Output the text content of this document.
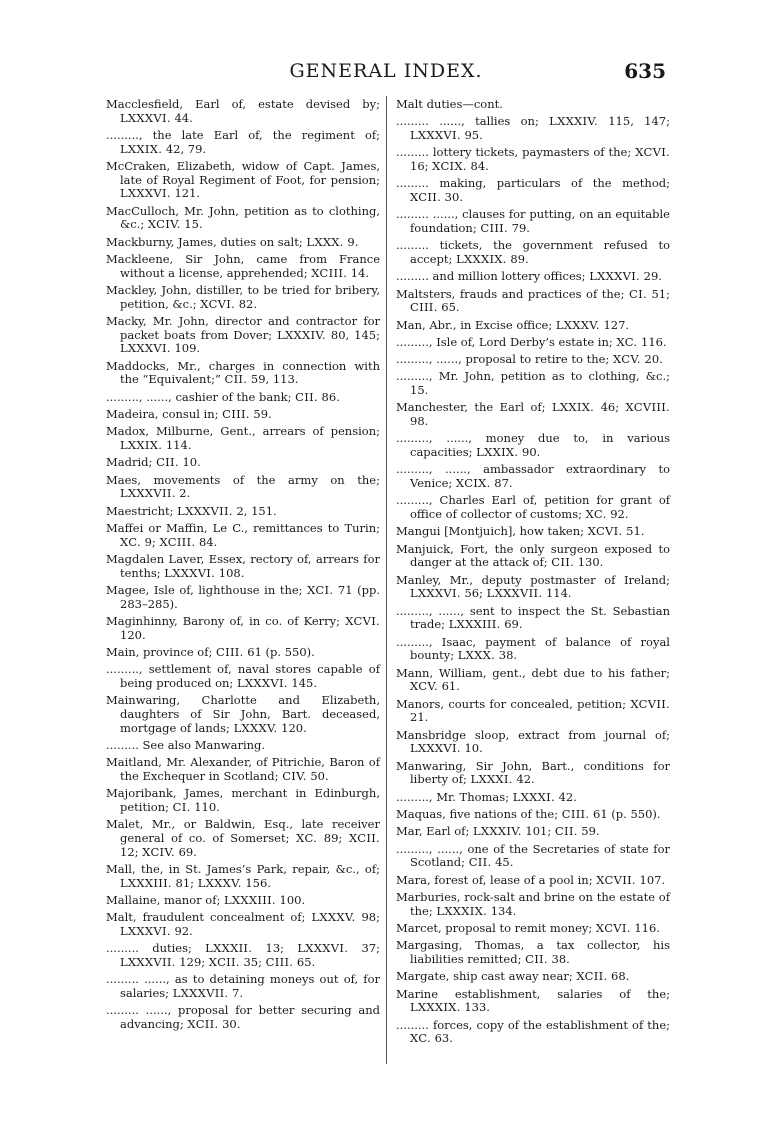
GENERAL INDEX.	635

Macclesfield, Earl of, estate devised by; LXXXVI. 44.

........., the late Earl of, the regiment of; LXXIX. 42, 79.

McCraken, Elizabeth, widow of Capt. James, late of Royal Regiment of Foot, for pension; LXXXVI. 121.

MacCulloch, Mr. John, petition as to clothing, &c.; XCIV. 15.

Mackburny, James, duties on salt; LXXX. 9.

Mackleene, Sir John, came from France without a license, apprehended; XCIII. 14.

Mackley, John, distiller, to be tried for bribery, petition, &c.; XCVI. 82.

Macky, Mr. John, director and contractor for packet boats from Dover; LXXXIV. 80, 145; LXXXVI. 109.

Maddocks, Mr., charges in connection with the “Equivalent;” CII. 59, 113.

........., ......, cashier of the bank; CII. 86.

Madeira, consul in; CIII. 59.

Madox, Milburne, Gent., arrears of pension; LXXIX. 114.

Madrid; CII. 10.

Maes, movements of the army on the; LXXXVII. 2.

Maestricht; LXXXVII. 2, 151.

Maffei or Maffin, Le C., remittances to Turin; XC. 9; XCIII. 84.

Magdalen Laver, Essex, rectory of, arrears for tenths; LXXXVI. 108.

Magee, Isle of, lighthouse in the; XCI. 71 (pp. 283–285).

Maginhinny, Barony of, in co. of Kerry; XCVI. 120.

Main, province of; CIII. 61 (p. 550).

........., settlement of, naval stores capable of being produced on; LXXXVI. 145.

Mainwaring, Charlotte and Elizabeth, daughters of Sir John, Bart. deceased, mortgage of lands; LXXXV. 120.

......... See also Manwaring.

Maitland, Mr. Alexander, of Pitrichie, Baron of the Exchequer in Scotland; CIV. 50.

Majoribank, James, merchant in Edinburgh, petition; CI. 110.

Malet, Mr., or Baldwin, Esq., late receiver general of co. of Somerset; XC. 89; XCII. 12; XCIV. 69.

Mall, the, in St. James’s Park, repair, &c., of; LXXXIII. 81; LXXXV. 156.

Mallaine, manor of; LXXXIII. 100.

Malt, fraudulent concealment of; LXXXV. 98; LXXXVI. 92.

......... duties; LXXXII. 13; LXXXVI. 37; LXXXVII. 129; XCII. 35; CIII. 65.

......... ......, as to detaining moneys out of, for salaries; LXXXVII. 7.

......... ......, proposal for better securing and advancing; XCII. 30.

Malt duties—cont.

......... ......, tallies on; LXXXIV. 115, 147; LXXXVI. 95.

......... lottery tickets, paymasters of the; XCVI. 16; XCIX. 84.

......... making, particulars of the method; XCII. 30.

......... ......, clauses for putting, on an equitable foundation; CIII. 79.

......... tickets, the government refused to accept; LXXXIX. 89.

......... and million lottery offices; LXXXVI. 29.

Maltsters, frauds and practices of the; CI. 51; CIII. 65.

Man, Abr., in Excise office; LXXXV. 127.

........., Isle of, Lord Derby’s estate in; XC. 116.

........., ......, proposal to retire to the; XCV. 20.

........., Mr. John, petition as to clothing, &c.; 15.

Manchester, the Earl of; LXXIX. 46; XCVIII. 98.

........., ......, money due to, in various capacities; LXXIX. 90.

........., ......, ambassador extraordinary to Venice; XCIX. 87.

........., Charles Earl of, petition for grant of office of collector of customs; XC. 92.

Mangui [Montjuich], how taken; XCVI. 51.

Manjuick, Fort, the only surgeon exposed to danger at the attack of; CII. 130.

Manley, Mr., deputy postmaster of Ireland; LXXXVI. 56; LXXXVII. 114.

........., ......, sent to inspect the St. Sebastian trade; LXXXIII. 69.

........., Isaac, payment of balance of royal bounty; LXXX. 38.

Mann, William, gent., debt due to his father; XCV. 61.

Manors, courts for concealed, petition; XCVII. 21.

Mansbridge sloop, extract from journal of; LXXXVI. 10.

Manwaring, Sir John, Bart., conditions for liberty of; LXXXI. 42.

........., Mr. Thomas; LXXXI. 42.

Maquas, five nations of the; CIII. 61 (p. 550).

Mar, Earl of; LXXXIV. 101; CII. 59.

........., ......, one of the Secretaries of state for Scotland; CII. 45.

Mara, forest of, lease of a pool in; XCVII. 107.

Marburies, rock-salt and brine on the estate of the; LXXXIX. 134.

Marcet, proposal to remit money; XCVI. 116.

Margasing, Thomas, a tax collector, his liabilities remitted; CII. 38.

Margate, ship cast away near; XCII. 68.

Marine establishment, salaries of the; LXXXIX. 133.

......... forces, copy of the establishment of the; XC. 63.
